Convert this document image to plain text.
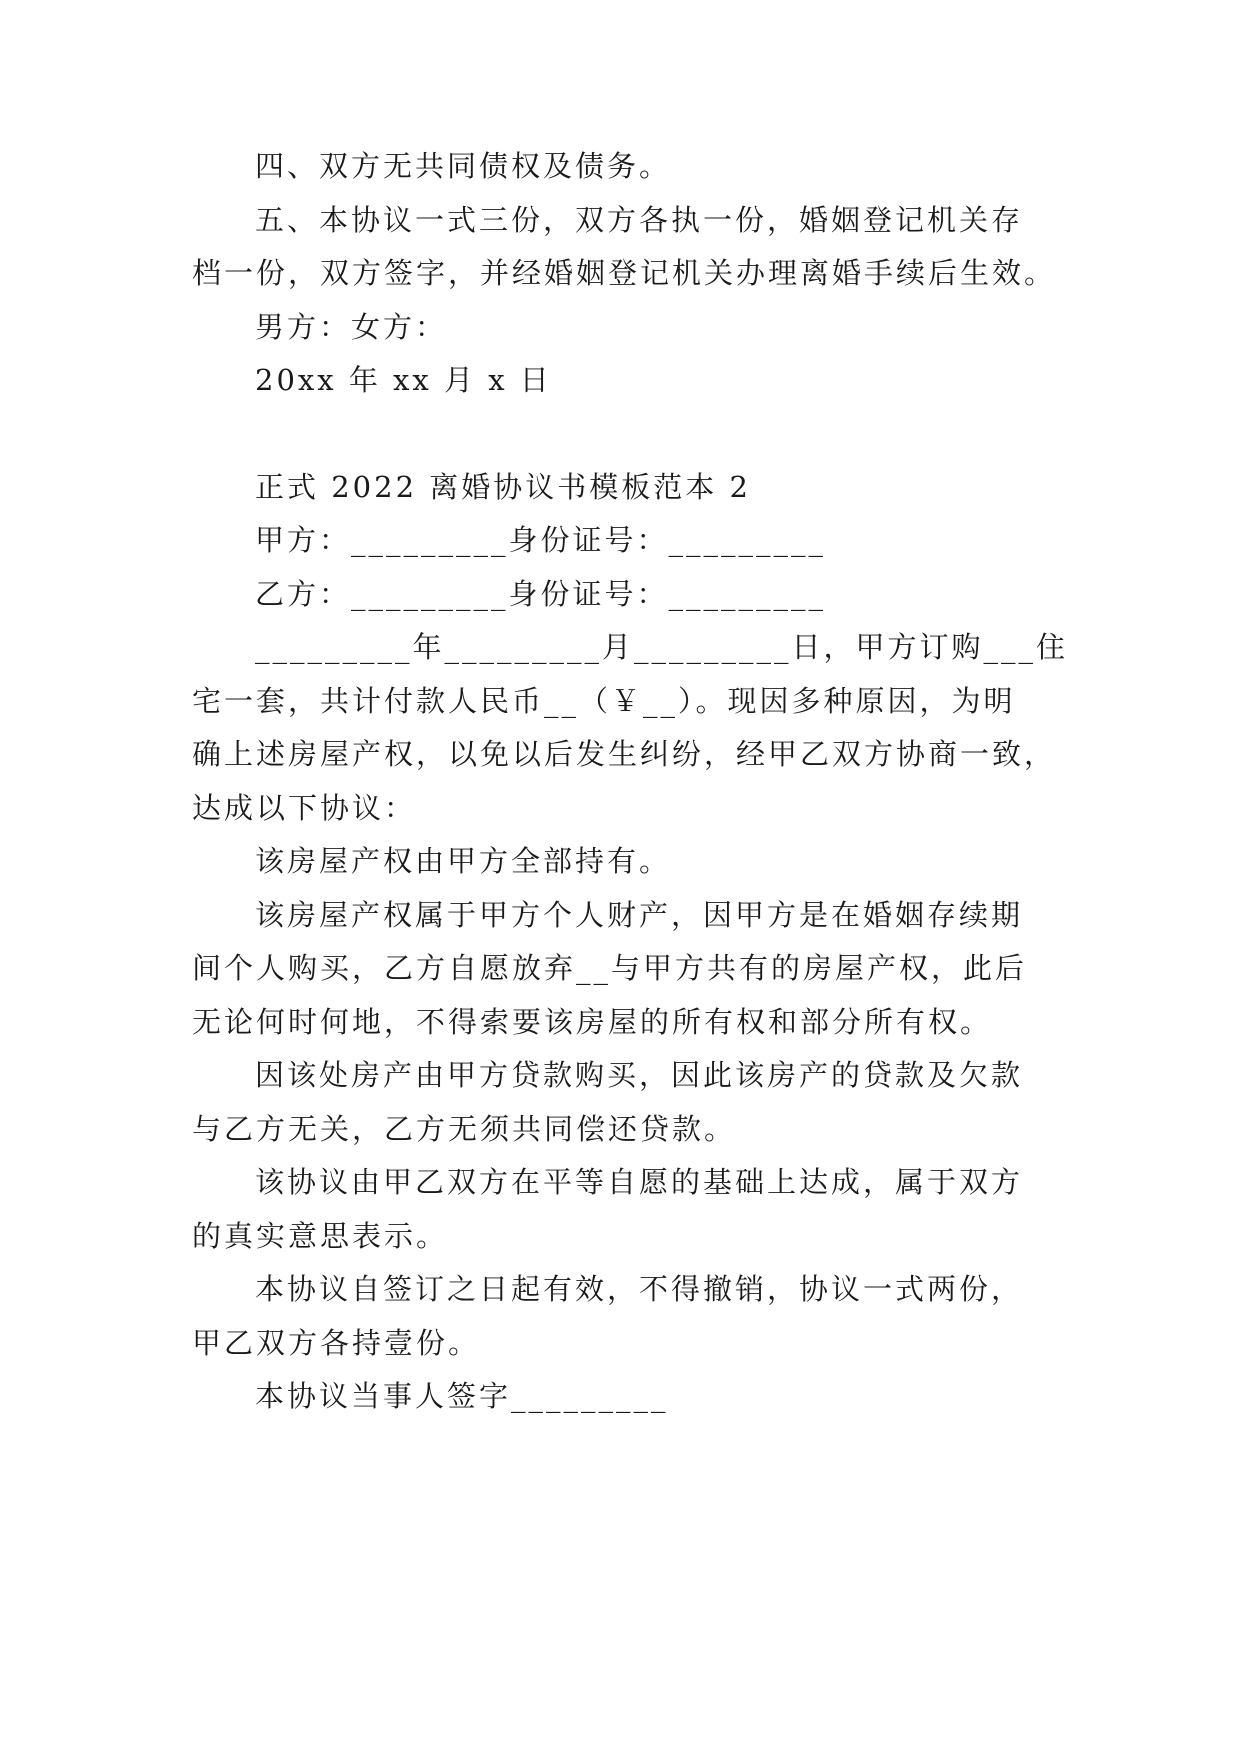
四、双方无共同债权及债务。
五、本协议一式三份，双方各执一份，婚姻登记机关存
档一份，双方签字，并经婚姻登记机关办理离婚手续后生效。
男方：女方：
20xx 年 xx 月 x 日
正式 2022 离婚协议书模板范本 2
甲方：_________身份证号：_________
乙方：_________身份证号：_________
_________年_________月_________日，甲方订购___住
宅一套，共计付款人民币__（￥__）。现因多种原因，为明
确上述房屋产权，以免以后发生纠纷，经甲乙双方协商一致，
达成以下协议：
该房屋产权由甲方全部持有。
该房屋产权属于甲方个人财产，因甲方是在婚姻存续期
间个人购买，乙方自愿放弃__与甲方共有的房屋产权，此后
无论何时何地，不得索要该房屋的所有权和部分所有权。
因该处房产由甲方贷款购买，因此该房产的贷款及欠款
与乙方无关，乙方无须共同偿还贷款。
该协议由甲乙双方在平等自愿的基础上达成，属于双方
的真实意思表示。
本协议自签订之日起有效，不得撤销，协议一式两份，
甲乙双方各持壹份。
本协议当事人签字_________
